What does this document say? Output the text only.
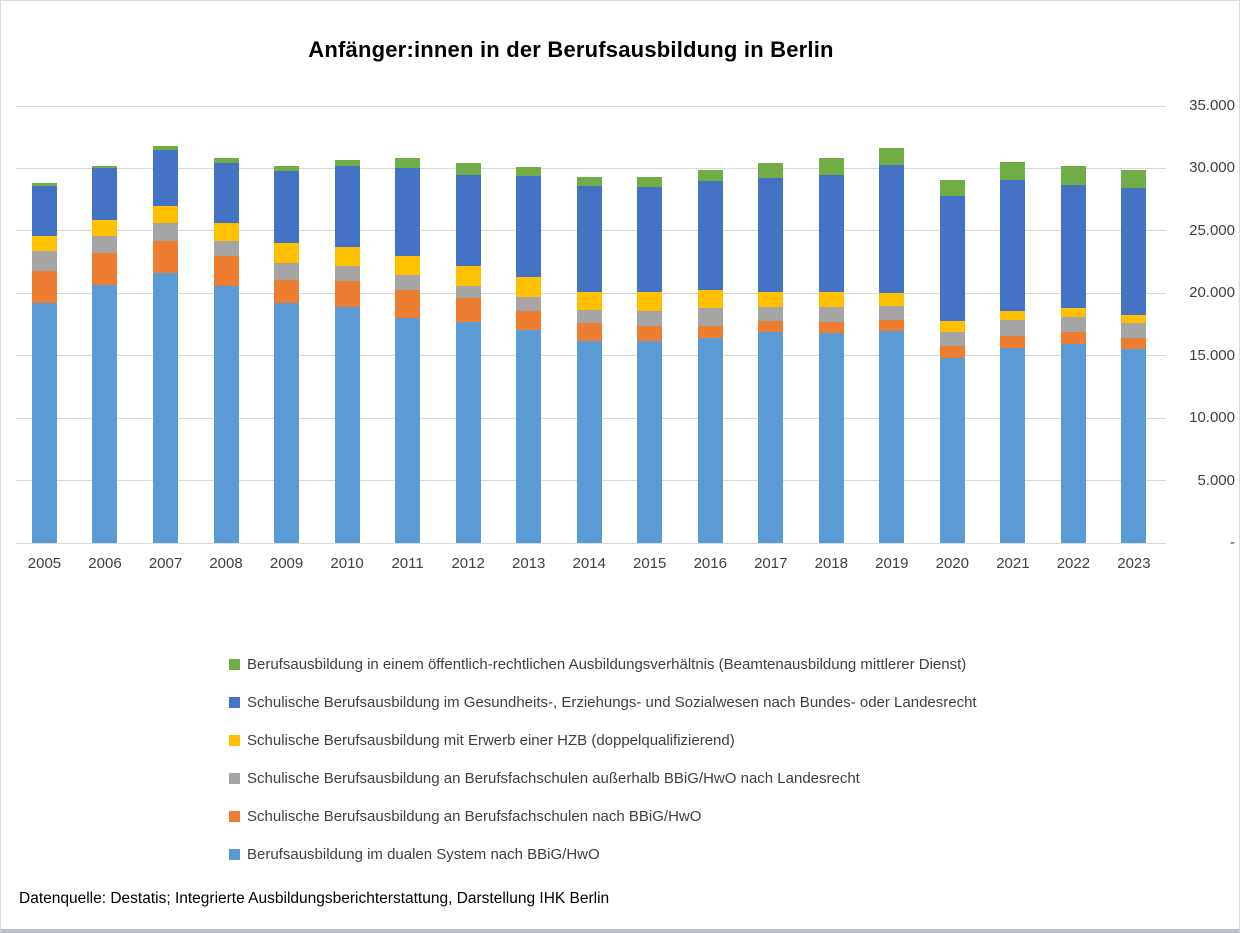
Anfänger:innen in der Berufsausbildung in Berlin
35.000
30.000
25.000
20.000
15.000
10.000
5.000
-
2005	2006	2007	2008	2009	2010	2011	2012	2013	2014	2015	2016	2017	2018	2019	2020	2021	2022	2023
Berufsausbildung in einem öffentlich-rechtlichen Ausbildungsverhältnis (Beamtenausbildung mittlerer Dienst)
Schulische Berufsausbildung im Gesundheits-, Erziehungs- und Sozialwesen nach Bundes- oder Landesrecht
Schulische Berufsausbildung mit Erwerb einer HZB (doppelqualifizierend)
Schulische Berufsausbildung an Berufsfachschulen außerhalb BBiG/HwO nach Landesrecht
Schulische Berufsausbildung an Berufsfachschulen nach BBiG/HwO
Berufsausbildung im dualen System nach BBiG/HwO
Datenquelle: Destatis; Integrierte Ausbildungsberichterstattung, Darstellung IHK Berlin
